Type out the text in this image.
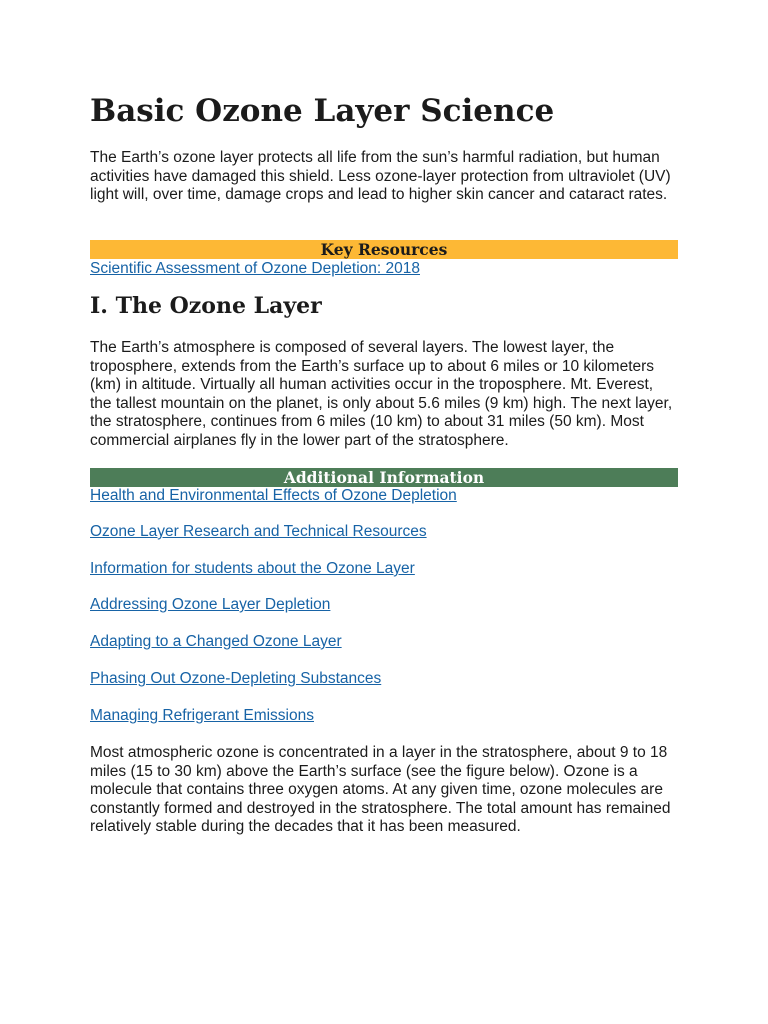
Basic Ozone Layer Science

The Earth’s ozone layer protects all life from the sun’s harmful radiation, but human activities have damaged this shield. Less ozone-layer protection from ultraviolet (UV) light will, over time, damage crops and lead to higher skin cancer and cataract rates.

Key Resources
Scientific Assessment of Ozone Depletion: 2018
I. The Ozone Layer

The Earth’s atmosphere is composed of several layers. The lowest layer, the troposphere, extends from the Earth’s surface up to about 6 miles or 10 kilometers (km) in altitude. Virtually all human activities occur in the troposphere. Mt. Everest, the tallest mountain on the planet, is only about 5.6 miles (9 km) high. The next layer, the stratosphere, continues from 6 miles (10 km) to about 31 miles (50 km). Most commercial airplanes fly in the lower part of the stratosphere.

Additional Information
Health and Environmental Effects of Ozone Depletion
Ozone Layer Research and Technical Resources
Information for students about the Ozone Layer
Addressing Ozone Layer Depletion
Adapting to a Changed Ozone Layer
Phasing Out Ozone-Depleting Substances
Managing Refrigerant Emissions

Most atmospheric ozone is concentrated in a layer in the stratosphere, about 9 to 18 miles (15 to 30 km) above the Earth’s surface (see the figure below). Ozone is a molecule that contains three oxygen atoms. At any given time, ozone molecules are constantly formed and destroyed in the stratosphere. The total amount has remained relatively stable during the decades that it has been measured.
